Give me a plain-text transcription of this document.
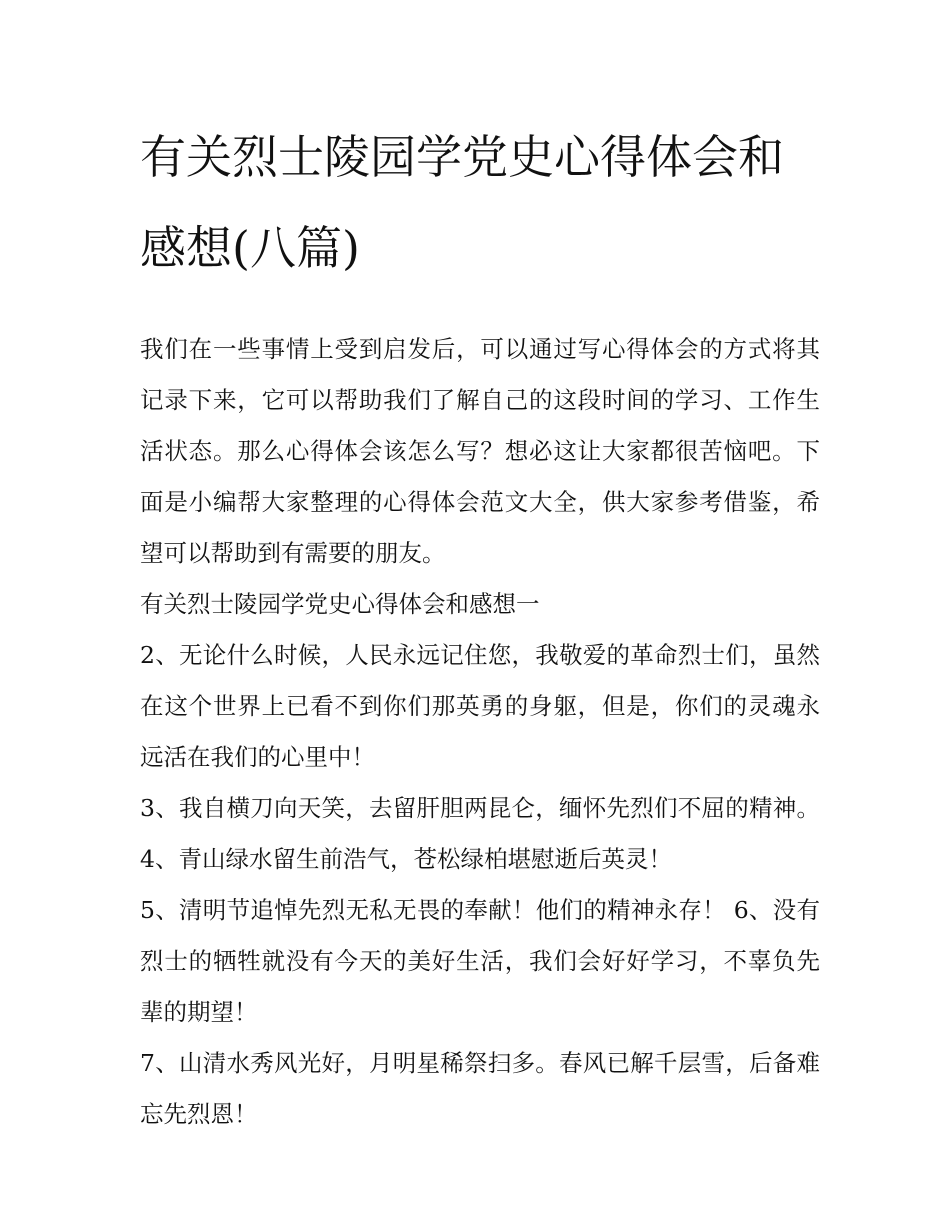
有关烈士陵园学党史心得体会和感想(八篇)

我们在一些事情上受到启发后，可以通过写心得体会的方式将其记录下来，它可以帮助我们了解自己的这段时间的学习、工作生活状态。那么心得体会该怎么写？想必这让大家都很苦恼吧。下面是小编帮大家整理的心得体会范文大全，供大家参考借鉴，希望可以帮助到有需要的朋友。

有关烈士陵园学党史心得体会和感想一

2、无论什么时候，人民永远记住您，我敬爱的革命烈士们，虽然在这个世界上已看不到你们那英勇的身躯，但是，你们的灵魂永远活在我们的心里中！

3、我自横刀向天笑，去留肝胆两昆仑，缅怀先烈们不屈的精神。 4、青山绿水留生前浩气，苍松绿柏堪慰逝后英灵！

5、清明节追悼先烈无私无畏的奉献！他们的精神永存！ 6、没有烈士的牺牲就没有今天的美好生活，我们会好好学习，不辜负先辈的期望！

7、山清水秀风光好，月明星稀祭扫多。春风已解千层雪，后备难忘先烈恩！
